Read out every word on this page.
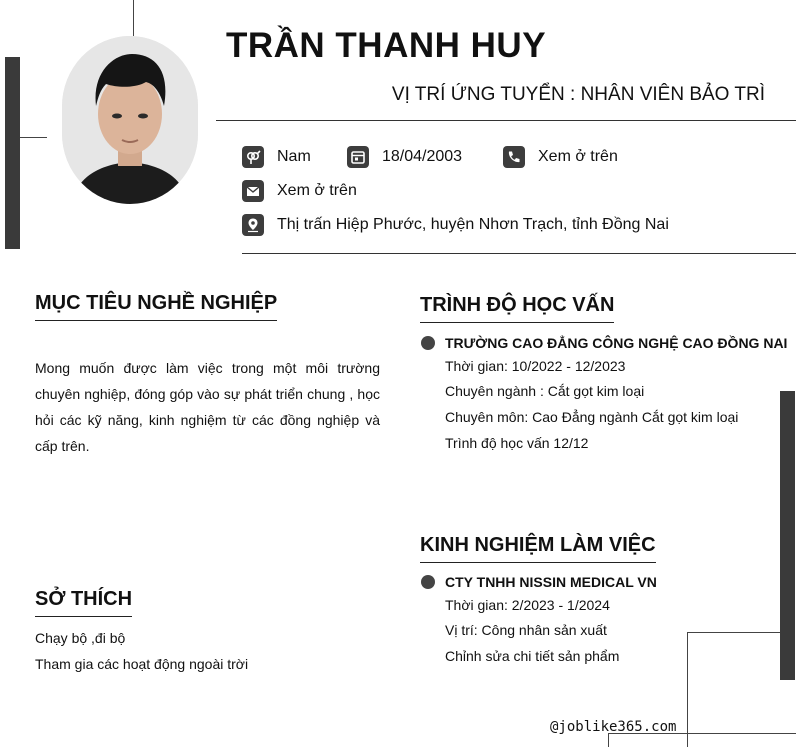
TRẦN THANH HUY
VỊ TRÍ ỨNG TUYỂN : NHÂN VIÊN BẢO TRÌ
Nam	18/04/2003	Xem ở trên
Xem ở trên
Thị trấn Hiệp Phước, huyện Nhơn Trạch, tỉnh Đồng Nai
MỤC TIÊU NGHỀ NGHIỆP
Mong muốn được làm việc trong một môi trường
chuyên nghiệp, đóng góp vào sự phát triển chung , học
hỏi các kỹ năng, kinh nghiệm từ các đồng nghiệp và
cấp trên.
SỞ THÍCH
Chạy bộ ,đi bộ
Tham gia các hoạt động ngoài trời
TRÌNH ĐỘ HỌC VẤN
TRƯỜNG CAO ĐẲNG CÔNG NGHỆ CAO ĐỒNG NAI
Thời gian: 10/2022 - 12/2023
Chuyên ngành : Cắt gọt kim loại
Chuyên môn: Cao Đẳng ngành Cắt gọt kim loại
Trình độ học vấn 12/12
KINH NGHIỆM LÀM VIỆC
CTY TNHH NISSIN MEDICAL VN
Thời gian: 2/2023 - 1/2024
Vị trí: Công nhân sản xuất
Chỉnh sửa chi tiết sản phẩm
@joblike365.com
